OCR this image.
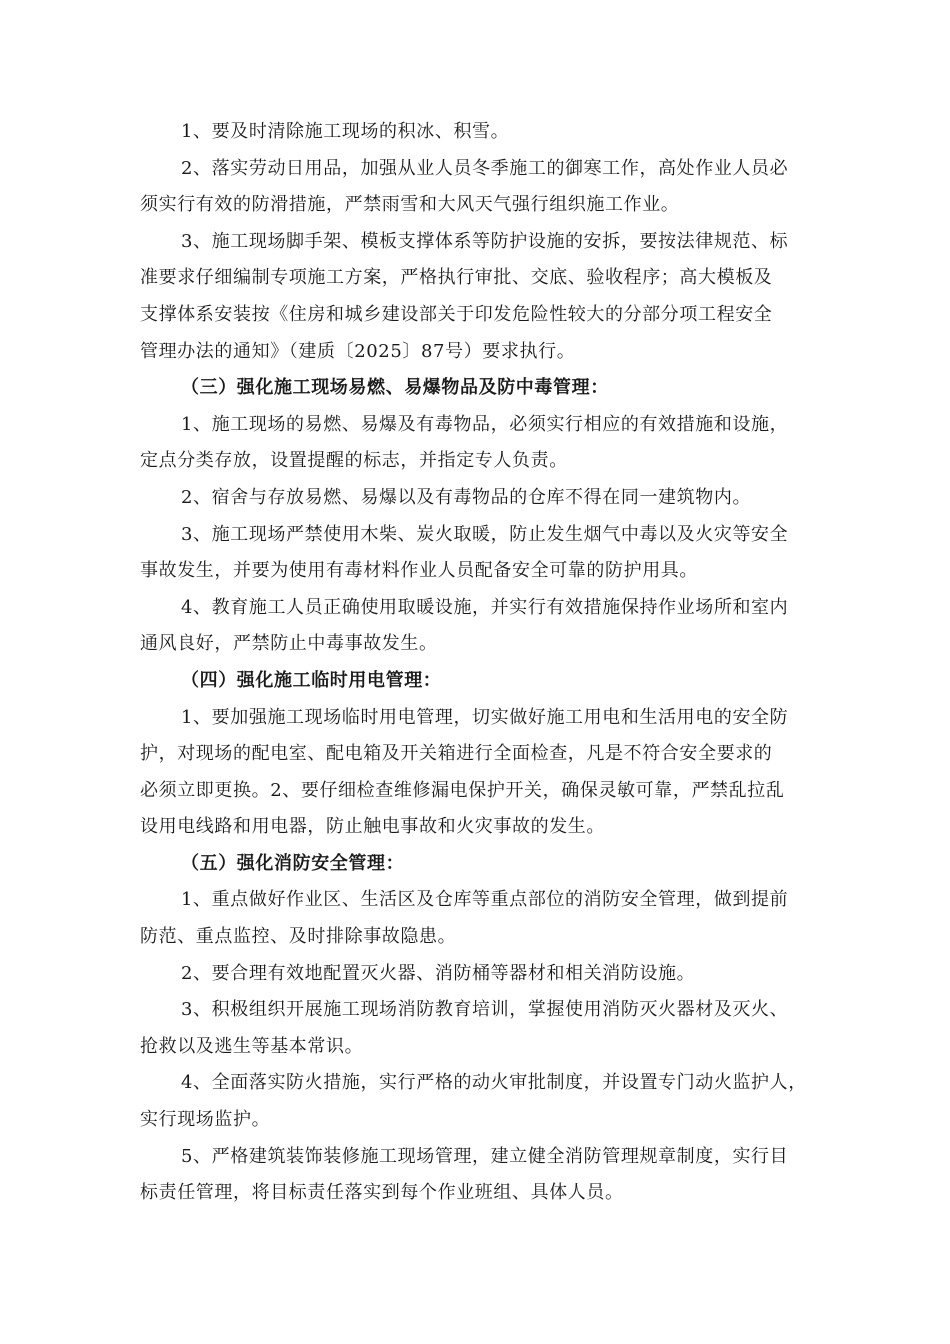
1、要及时清除施工现场的积冰、积雪。

2、落实劳动日用品，加强从业人员冬季施工的御寒工作，高处作业人员必
须实行有效的防滑措施，严禁雨雪和大风天气强行组织施工作业。

3、施工现场脚手架、模板支撑体系等防护设施的安拆，要按法律规范、标
准要求仔细编制专项施工方案，严格执行审批、交底、验收程序；高大模板及
支撑体系安装按《住房和城乡建设部关于印发危险性较大的分部分项工程安全
管理办法的通知》（建质〔2025〕87号）要求执行。

（三）强化施工现场易燃、易爆物品及防中毒管理：

1、施工现场的易燃、易爆及有毒物品，必须实行相应的有效措施和设施，
定点分类存放，设置提醒的标志，并指定专人负责。

2、宿舍与存放易燃、易爆以及有毒物品的仓库不得在同一建筑物内。

3、施工现场严禁使用木柴、炭火取暖，防止发生烟气中毒以及火灾等安全
事故发生，并要为使用有毒材料作业人员配备安全可靠的防护用具。

4、教育施工人员正确使用取暖设施，并实行有效措施保持作业场所和室内
通风良好，严禁防止中毒事故发生。

（四）强化施工临时用电管理：

1、要加强施工现场临时用电管理，切实做好施工用电和生活用电的安全防
护，对现场的配电室、配电箱及开关箱进行全面检查，凡是不符合安全要求的
必须立即更换。2、要仔细检查维修漏电保护开关，确保灵敏可靠，严禁乱拉乱
设用电线路和用电器，防止触电事故和火灾事故的发生。

（五）强化消防安全管理：

1、重点做好作业区、生活区及仓库等重点部位的消防安全管理，做到提前
防范、重点监控、及时排除事故隐患。

2、要合理有效地配置灭火器、消防桶等器材和相关消防设施。

3、积极组织开展施工现场消防教育培训，掌握使用消防灭火器材及灭火、
抢救以及逃生等基本常识。

4、全面落实防火措施，实行严格的动火审批制度，并设置专门动火监护人，
实行现场监护。

5、严格建筑装饰装修施工现场管理，建立健全消防管理规章制度，实行目
标责任管理，将目标责任落实到每个作业班组、具体人员。
